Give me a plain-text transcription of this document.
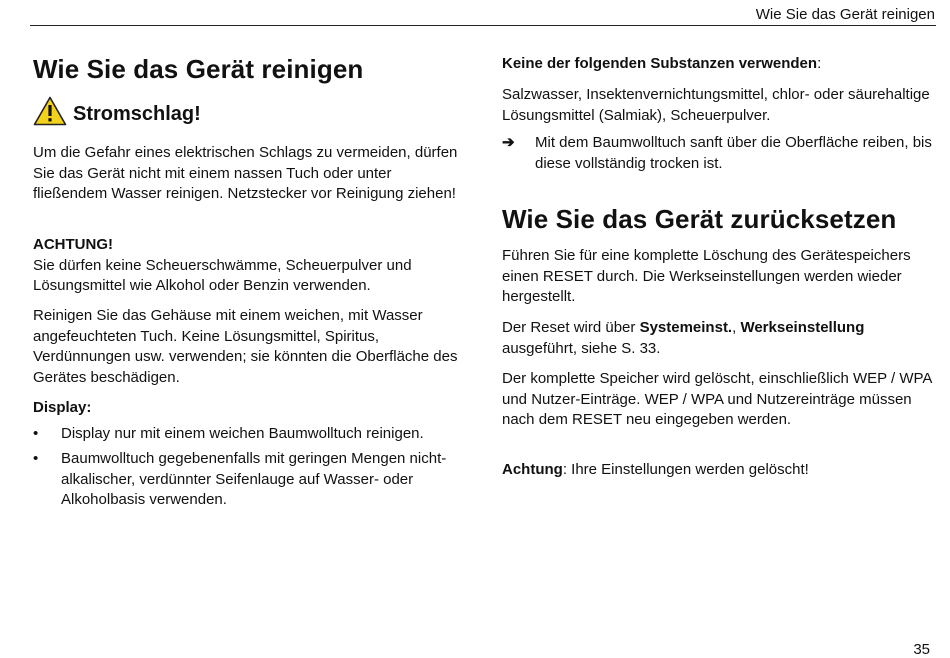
Wie Sie das Gerät reinigen
Wie Sie das Gerät reinigen
Stromschlag!

Um die Gefahr eines elektrischen Schlags zu vermeiden, dürfen Sie das Gerät nicht mit einem nassen Tuch oder unter fließendem Wasser reinigen. Netzstecker vor Reinigung ziehen!

ACHTUNG!
Sie dürfen keine Scheuerschwämme, Scheuerpulver und Lösungsmittel wie Alkohol oder Benzin verwenden.

Reinigen Sie das Gehäuse mit einem weichen, mit Wasser angefeuchteten Tuch. Keine Lösungsmittel, Spiritus, Verdünnungen usw. verwenden; sie könnten die Oberfläche des Gerätes beschädigen.

Display:

• Display nur mit einem weichen Baumwolltuch reinigen.
• Baumwolltuch gegebenenfalls mit geringen Mengen nicht-alkalischer, verdünnter Seifenlauge auf Wasser- oder Alkoholbasis verwenden.

Keine der folgenden Substanzen verwenden:

Salzwasser, Insektenvernichtungsmittel, chlor- oder säurehaltige Lösungsmittel (Salmiak), Scheuerpulver.

➔ Mit dem Baumwolltuch sanft über die Oberfläche reiben, bis diese vollständig trocken ist.
Wie Sie das Gerät zurücksetzen

Führen Sie für eine komplette Löschung des Gerätespeichers einen RESET durch. Die Werkseinstellungen werden wieder hergestellt.

Der Reset wird über Systemeinst., Werkseinstellung ausgeführt, siehe S. 33.

Der komplette Speicher wird gelöscht, einschließlich WEP / WPA und Nutzer-Einträge. WEP / WPA und Nutzereinträge müssen nach dem RESET neu eingegeben werden.

Achtung: Ihre Einstellungen werden gelöscht!

35
